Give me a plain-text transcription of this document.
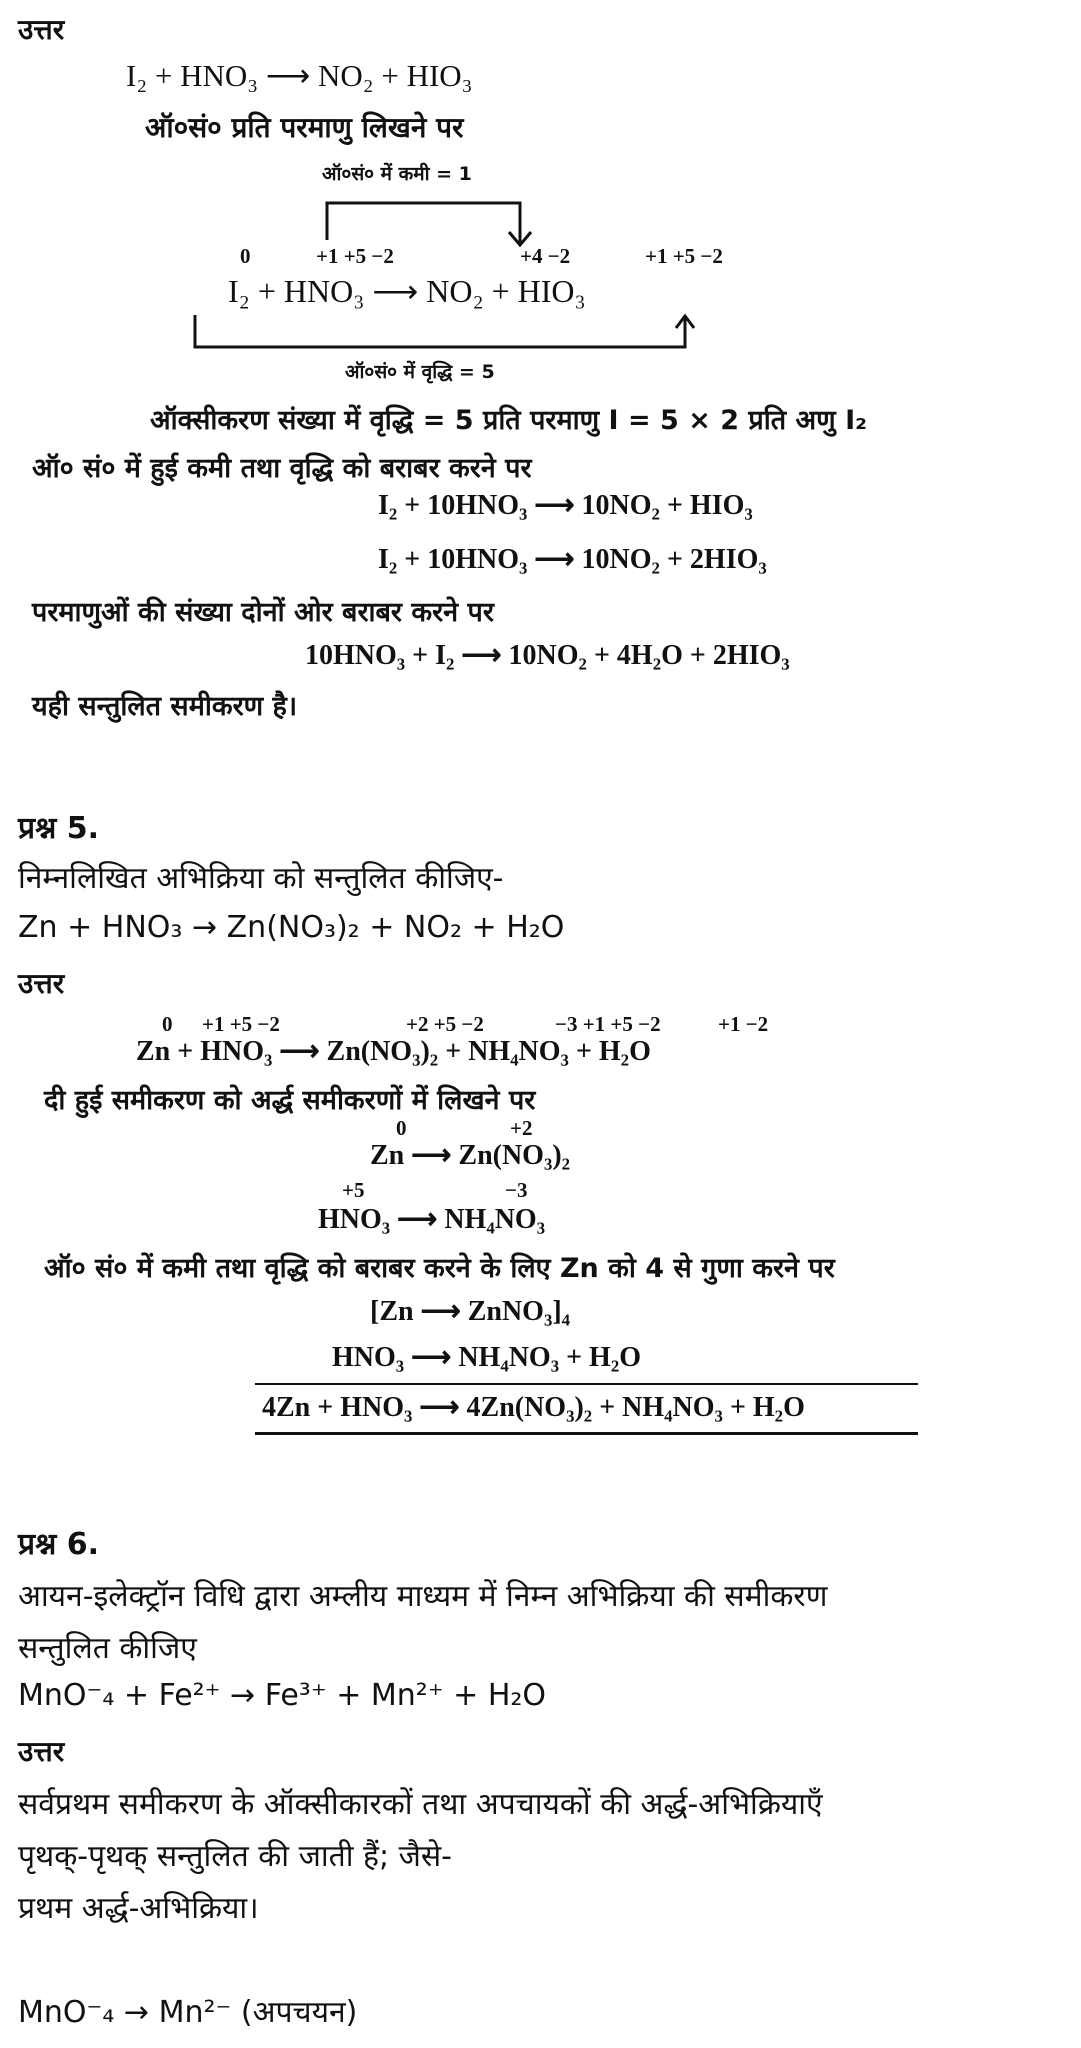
उत्तर
I₂ + HNO₃ ⟶ NO₂ + HIO₃
ऑ०सं० प्रति परमाणु लिखने पर
ऑ०सं० में कमी = 1
0	+1 +5 −2	+4 −2	+1 +5 −2
I₂ + HNO₃ ⟶ NO₂ + HIO₃
ऑ०सं० में वृद्धि = 5
ऑक्सीकरण संख्या में वृद्धि = 5 प्रति परमाणु I = 5 × 2 प्रति अणु I₂
ऑ० सं० में हुई कमी तथा वृद्धि को बराबर करने पर
I₂ + 10HNO₃ ⟶ 10NO₂ + HIO₃
I₂ + 10HNO₃ ⟶ 10NO₂ + 2HIO₃
परमाणुओं की संख्या दोनों ओर बराबर करने पर
10HNO₃ + I₂ ⟶ 10NO₂ + 4H₂O + 2HIO₃
यही सन्तुलित समीकरण है।
प्रश्न 5.
निम्नलिखित अभिक्रिया को सन्तुलित कीजिए-
Zn + HNO₃ → Zn(NO₃)₂ + NO₂ + H₂O
उत्तर
0 +1 +5 −2	+2 +5 −2	−3 +1 +5 −2	+1 −2
Zn + HNO₃ ⟶ Zn(NO₃)₂ + NH₄NO₃ + H₂O
दी हुई समीकरण को अर्द्ध समीकरणों में लिखने पर
0	+2
Zn ⟶ Zn(NO₃)₂
+5	−3
HNO₃ ⟶ NH₄NO₃
ऑ० सं० में कमी तथा वृद्धि को बराबर करने के लिए Zn को 4 से गुणा करने पर
[Zn ⟶ ZnNO₃]₄
HNO₃ ⟶ NH₄NO₃ + H₂O
4Zn + HNO₃ ⟶ 4Zn(NO₃)₂ + NH₄NO₃ + H₂O
प्रश्न 6.
आयन-इलेक्ट्रॉन विधि द्वारा अम्लीय माध्यम में निम्न अभिक्रिया की समीकरण
सन्तुलित कीजिए
MnO⁻₄ + Fe²⁺ → Fe³⁺ + Mn²⁺ + H₂O
उत्तर
सर्वप्रथम समीकरण के ऑक्सीकारकों तथा अपचायकों की अर्द्ध-अभिक्रियाएँ
पृथक्-पृथक् सन्तुलित की जाती हैं; जैसे-
प्रथम अर्द्ध-अभिक्रिया।
MnO⁻₄ → Mn²⁻ (अपचयन)
